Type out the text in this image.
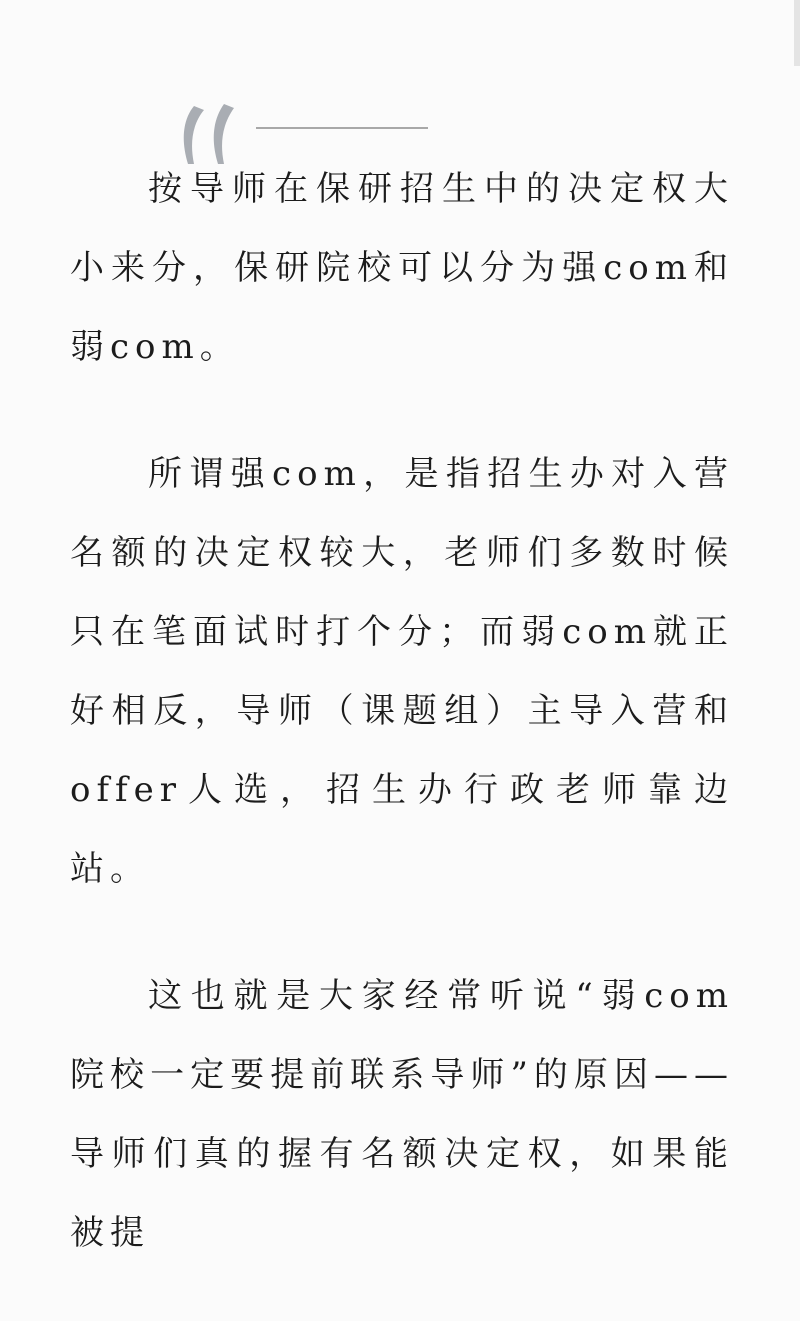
按导师在保研招生中的决定权大小来分，保研院校可以分为强com和弱com。

所谓强com，是指招生办对入营名额的决定权较大，老师们多数时候只在笔面试时打个分；而弱com就正好相反，导师（课题组）主导入营和offer人选，招生办行政老师靠边站。

这也就是大家经常听说“弱com院校一定要提前联系导师”的原因——导师们真的握有名额决定权，如果能被提
